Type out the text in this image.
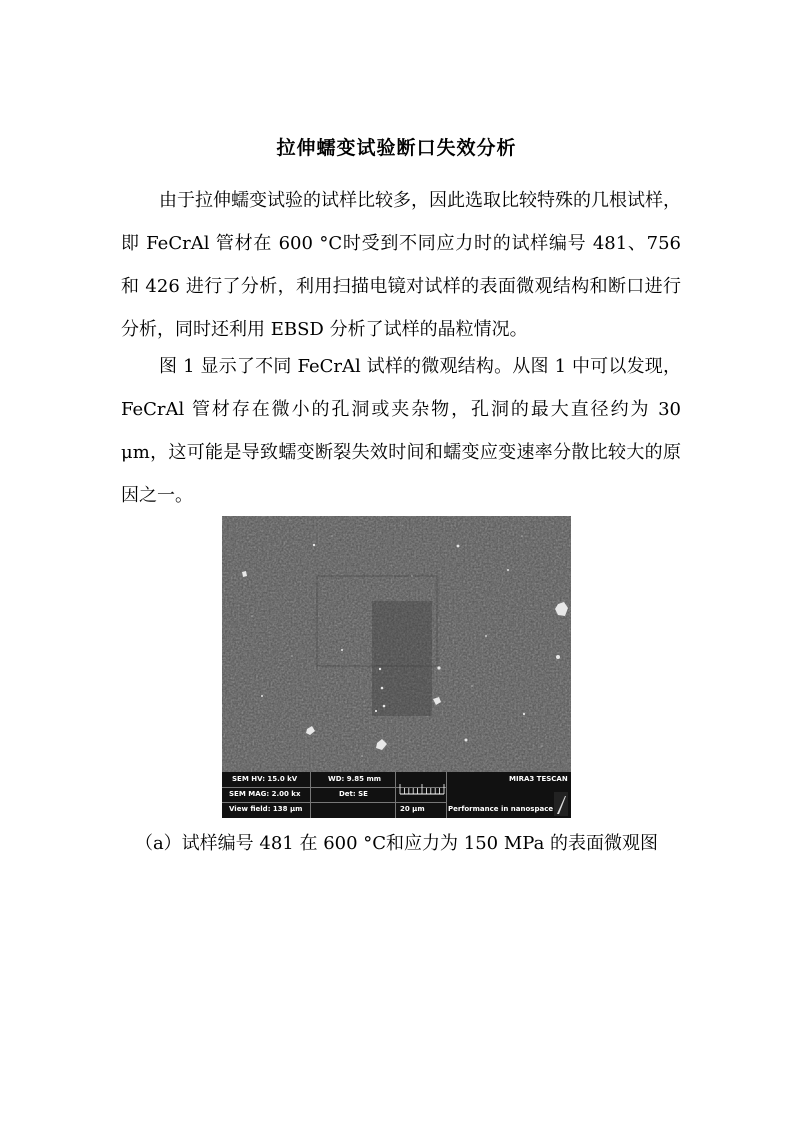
拉伸蠕变试验断口失效分析

由于拉伸蠕变试验的试样比较多，因此选取比较特殊的几根试样，即 FeCrAl 管材在 600 °C时受到不同应力时的试样编号 481、756 和 426 进行了分析，利用扫描电镜对试样的表面微观结构和断口进行分析，同时还利用 EBSD 分析了试样的晶粒情况。

图 1 显示了不同 FeCrAl 试样的微观结构。从图 1 中可以发现，FeCrAl 管材存在微小的孔洞或夹杂物，孔洞的最大直径约为 30 μm，这可能是导致蠕变断裂失效时间和蠕变应变速率分散比较大的原因之一。

SEM HV: 15.0 kV	WD: 9.85 mm	MIRA3 TESCAN
SEM MAG: 2.00 kx	Det: SE
View field: 138 μm	20 μm	Performance in nanospace
（a）试样编号 481 在 600 °C和应力为 150 MPa 的表面微观图
